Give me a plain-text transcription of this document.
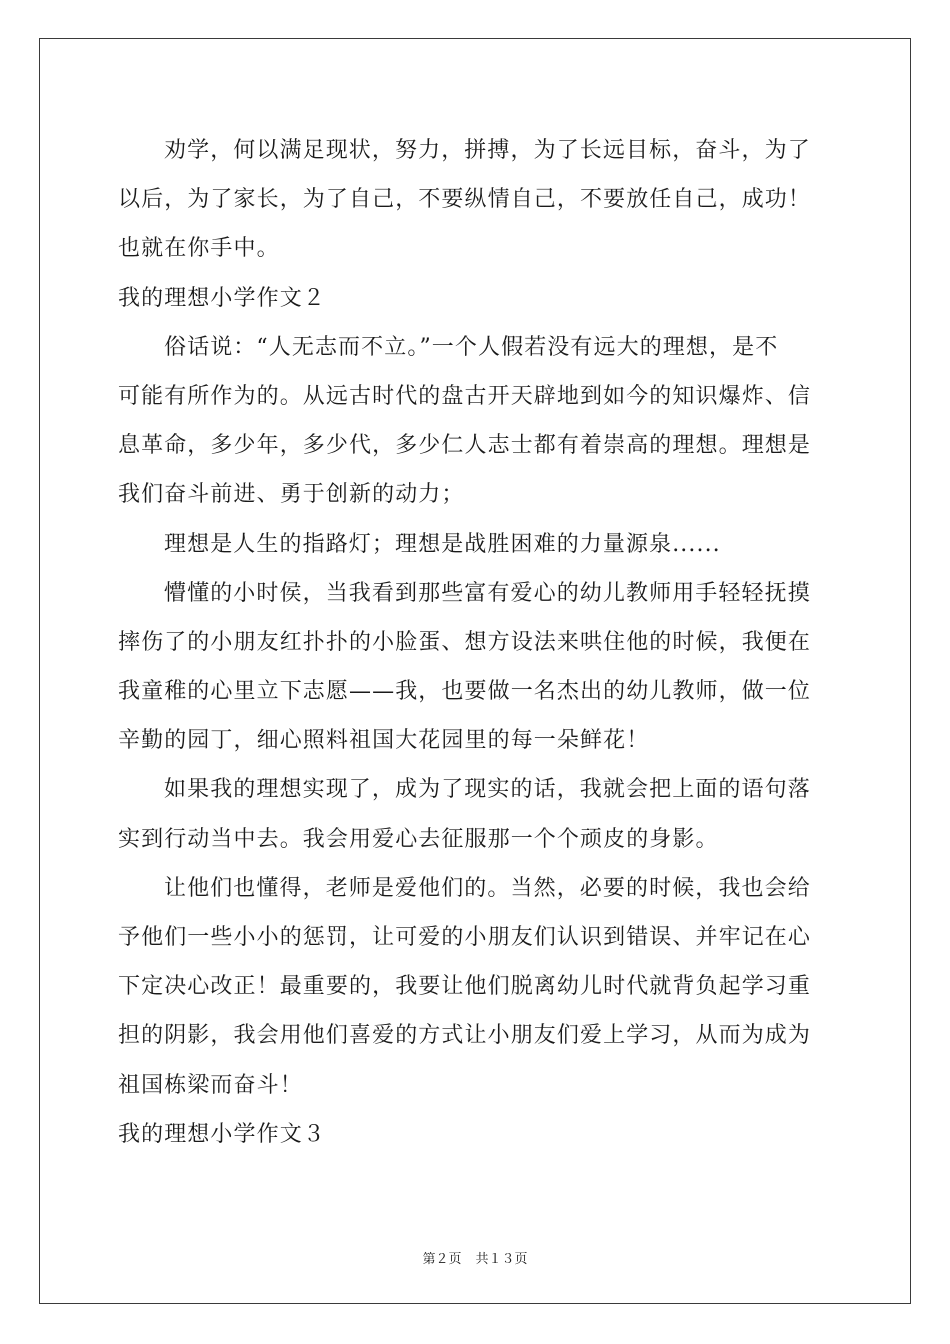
劝学，何以满足现状，努力，拼搏，为了长远目标，奋斗，为了
以后，为了家长，为了自己，不要纵情自己，不要放任自己，成功！
也就在你手中。
我的理想小学作文２
俗话说：“人无志而不立。”一个人假若没有远大的理想，是不
可能有所作为的。从远古时代的盘古开天辟地到如今的知识爆炸、信
息革命，多少年，多少代，多少仁人志士都有着崇高的理想。理想是
我们奋斗前进、勇于创新的动力；
理想是人生的指路灯；理想是战胜困难的力量源泉......
懵懂的小时侯，当我看到那些富有爱心的幼儿教师用手轻轻抚摸
摔伤了的小朋友红扑扑的小脸蛋、想方设法来哄住他的时候，我便在
我童稚的心里立下志愿——我，也要做一名杰出的幼儿教师，做一位
辛勤的园丁，细心照料祖国大花园里的每一朵鲜花！
如果我的理想实现了，成为了现实的话，我就会把上面的语句落
实到行动当中去。我会用爱心去征服那一个个顽皮的身影。
让他们也懂得，老师是爱他们的。当然，必要的时候，我也会给
予他们一些小小的惩罚，让可爱的小朋友们认识到错误、并牢记在心
下定决心改正！最重要的，我要让他们脱离幼儿时代就背负起学习重
担的阴影，我会用他们喜爱的方式让小朋友们爱上学习，从而为成为
祖国栋梁而奋斗！
我的理想小学作文３
第２页 共１３页
